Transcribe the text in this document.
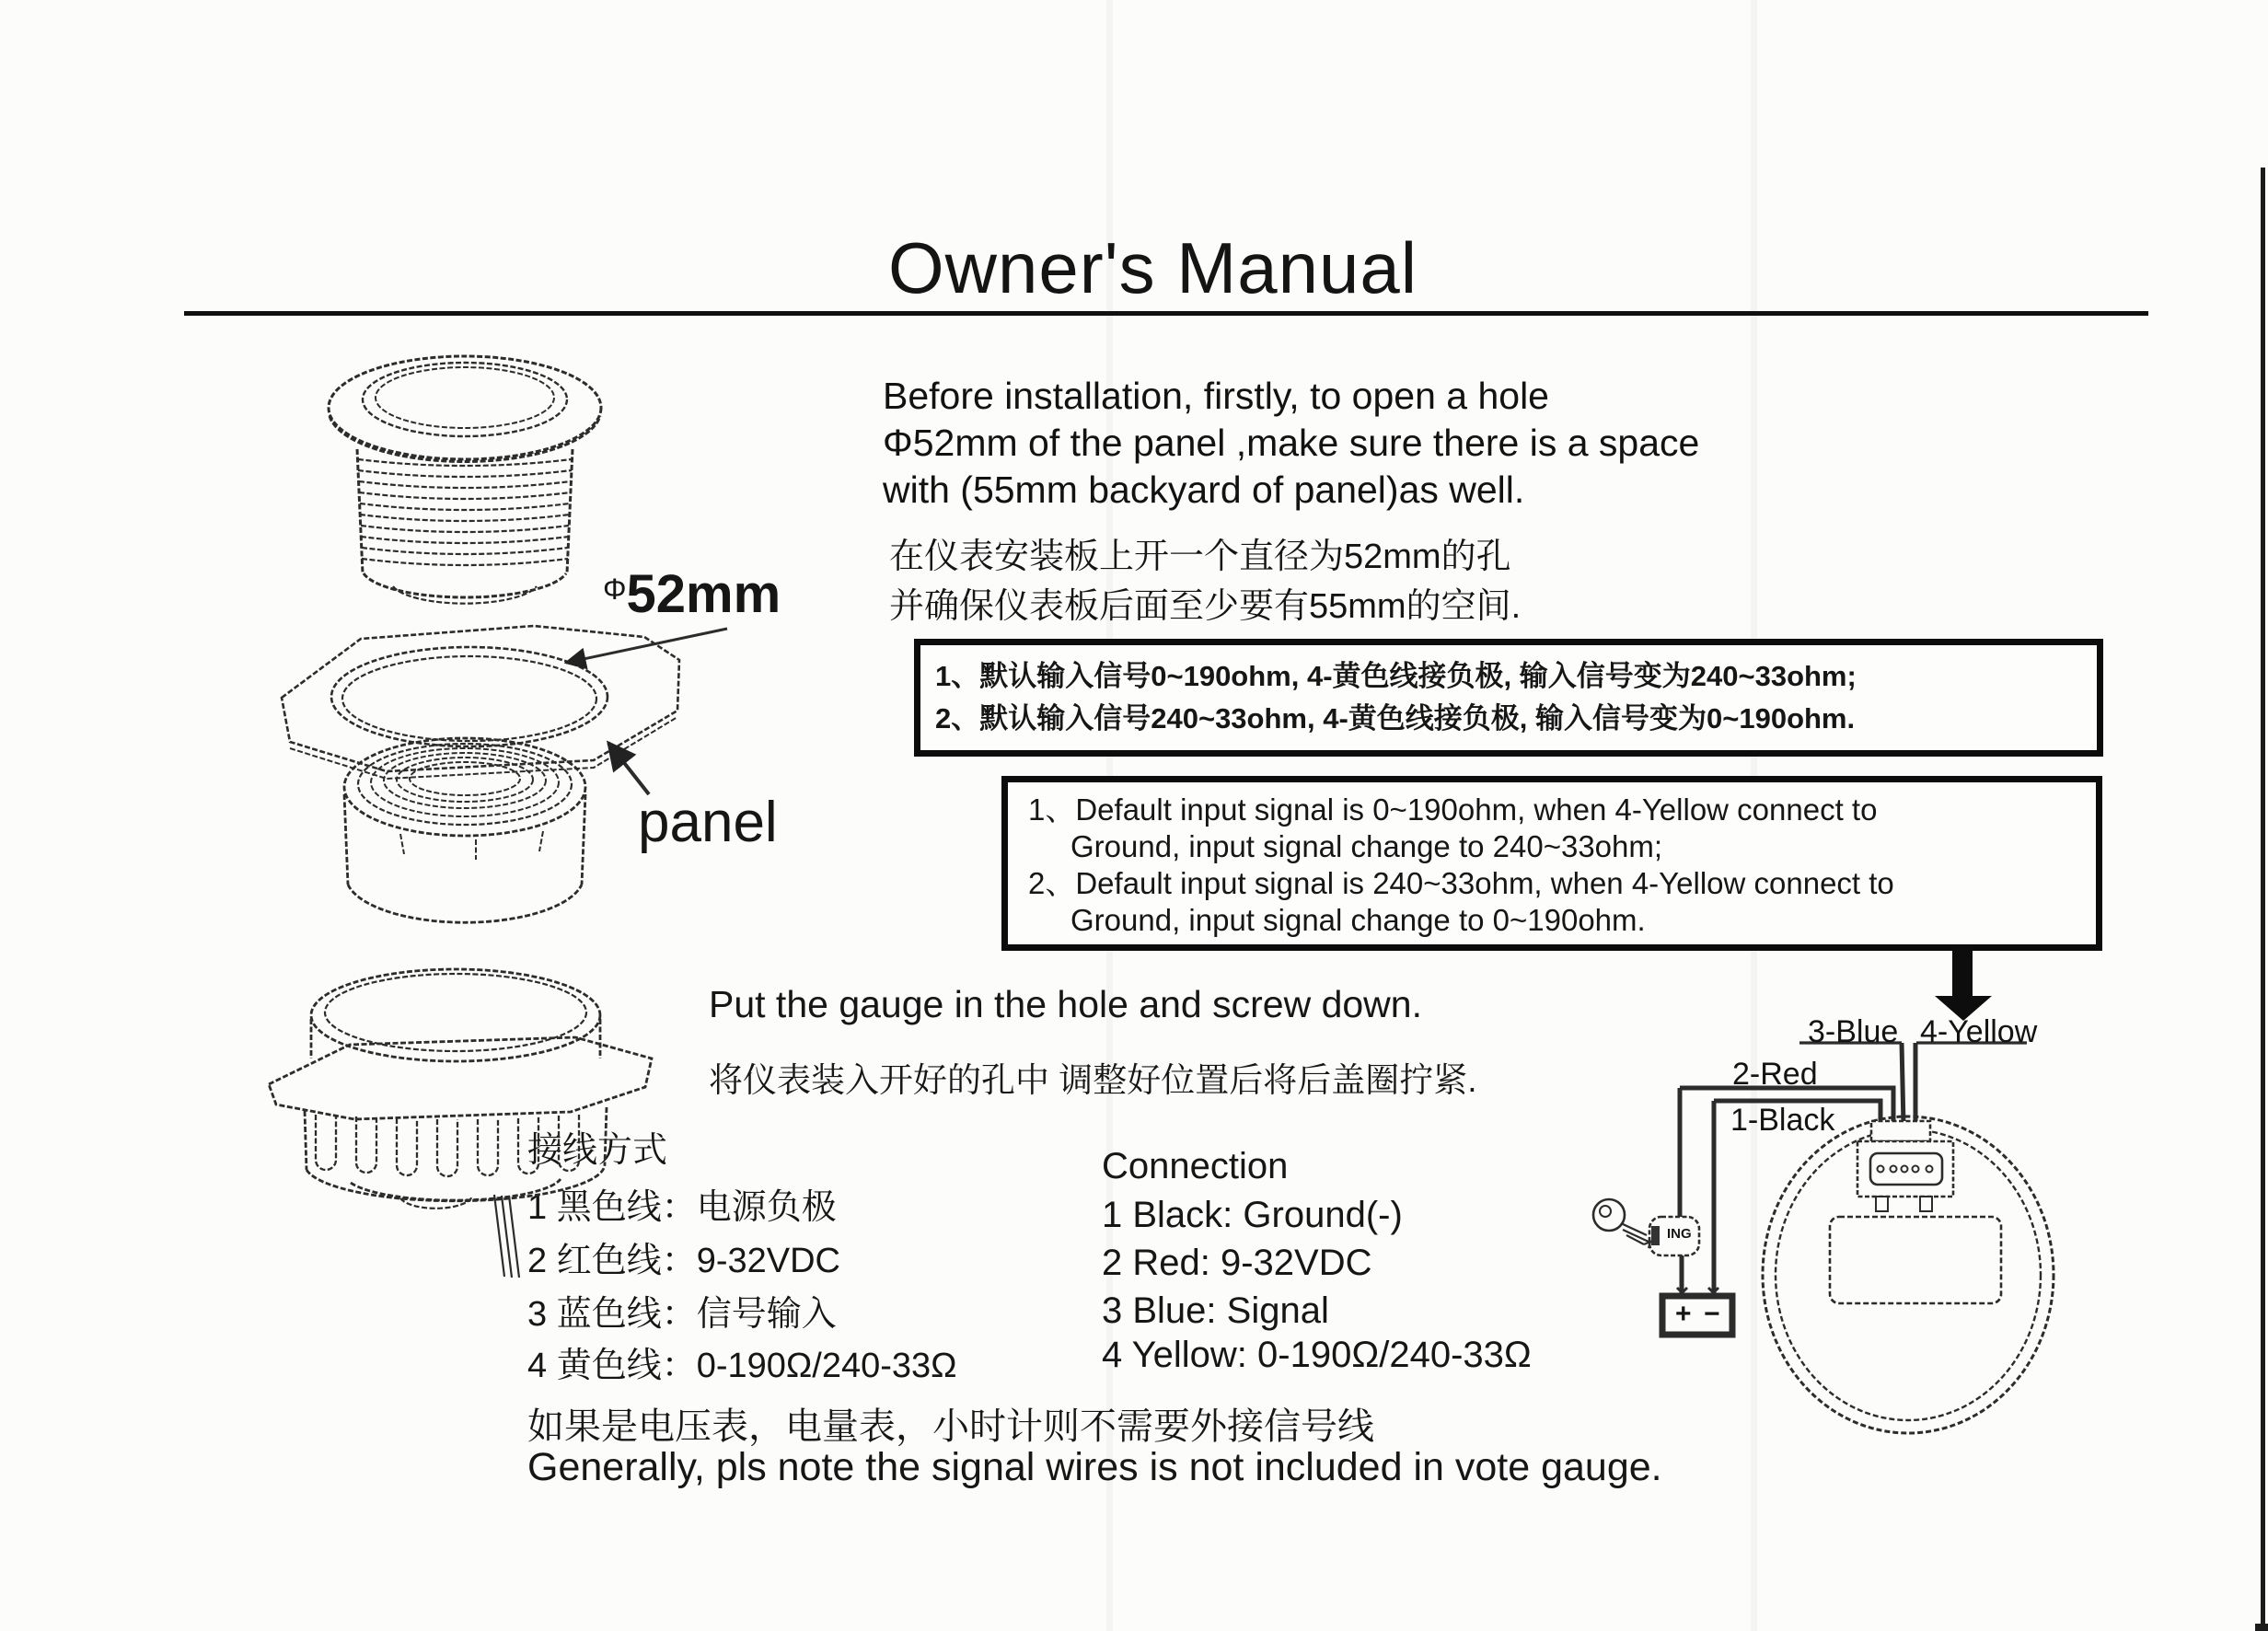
Owner's Manual
Before installation, firstly, to open a hole
Φ52mm of the panel ,make sure there is a space
with (55mm backyard of panel)as well.
在仪表安装板上开一个直径为52mm的孔
并确保仪表板后面至少要有55mm的空间.
1、默认输入信号0~190ohm, 4-黄色线接负极, 输入信号变为240~33ohm;
2、默认输入信号240~33ohm, 4-黄色线接负极, 输入信号变为0~190ohm.
1、Default input signal is 0~190ohm, when 4-Yellow connect to
Ground, input signal change to 240~33ohm;
2、Default input signal is 240~33ohm, when 4-Yellow connect to
Ground, input signal change to 0~190ohm.
Put the gauge in the hole and screw down.
将仪表装入开好的孔中 调整好位置后将后盖圈拧紧.
接线方式
1 黑色线：电源负极
2 红色线：9-32VDC
3 蓝色线：信号输入
4 黄色线：0-190Ω/240-33Ω
Connection
1 Black: Ground(-)
2 Red: 9-32VDC
3 Blue: Signal
4 Yellow: 0-190Ω/240-33Ω
如果是电压表，电量表，小时计则不需要外接信号线
Generally, pls note the signal wires is not included in vote gauge.
Φ52mm
panel
3-Blue 4-Yellow
2-Red
1-Black
ING
+ −
